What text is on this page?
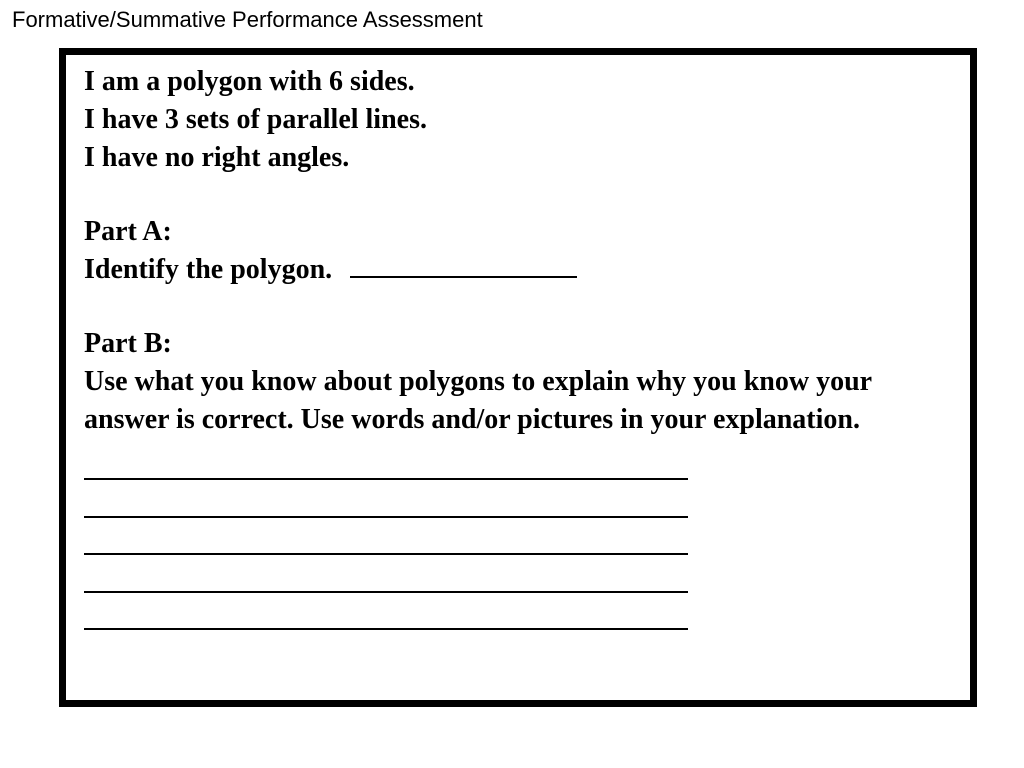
Formative/Summative Performance Assessment
I am a polygon with 6 sides.
I have 3 sets of parallel lines.
I have no right angles.
Part A:
Identify the polygon.
Part B:
Use what you know about polygons to explain why you know your answer is correct. Use words and/or pictures in your explanation.
